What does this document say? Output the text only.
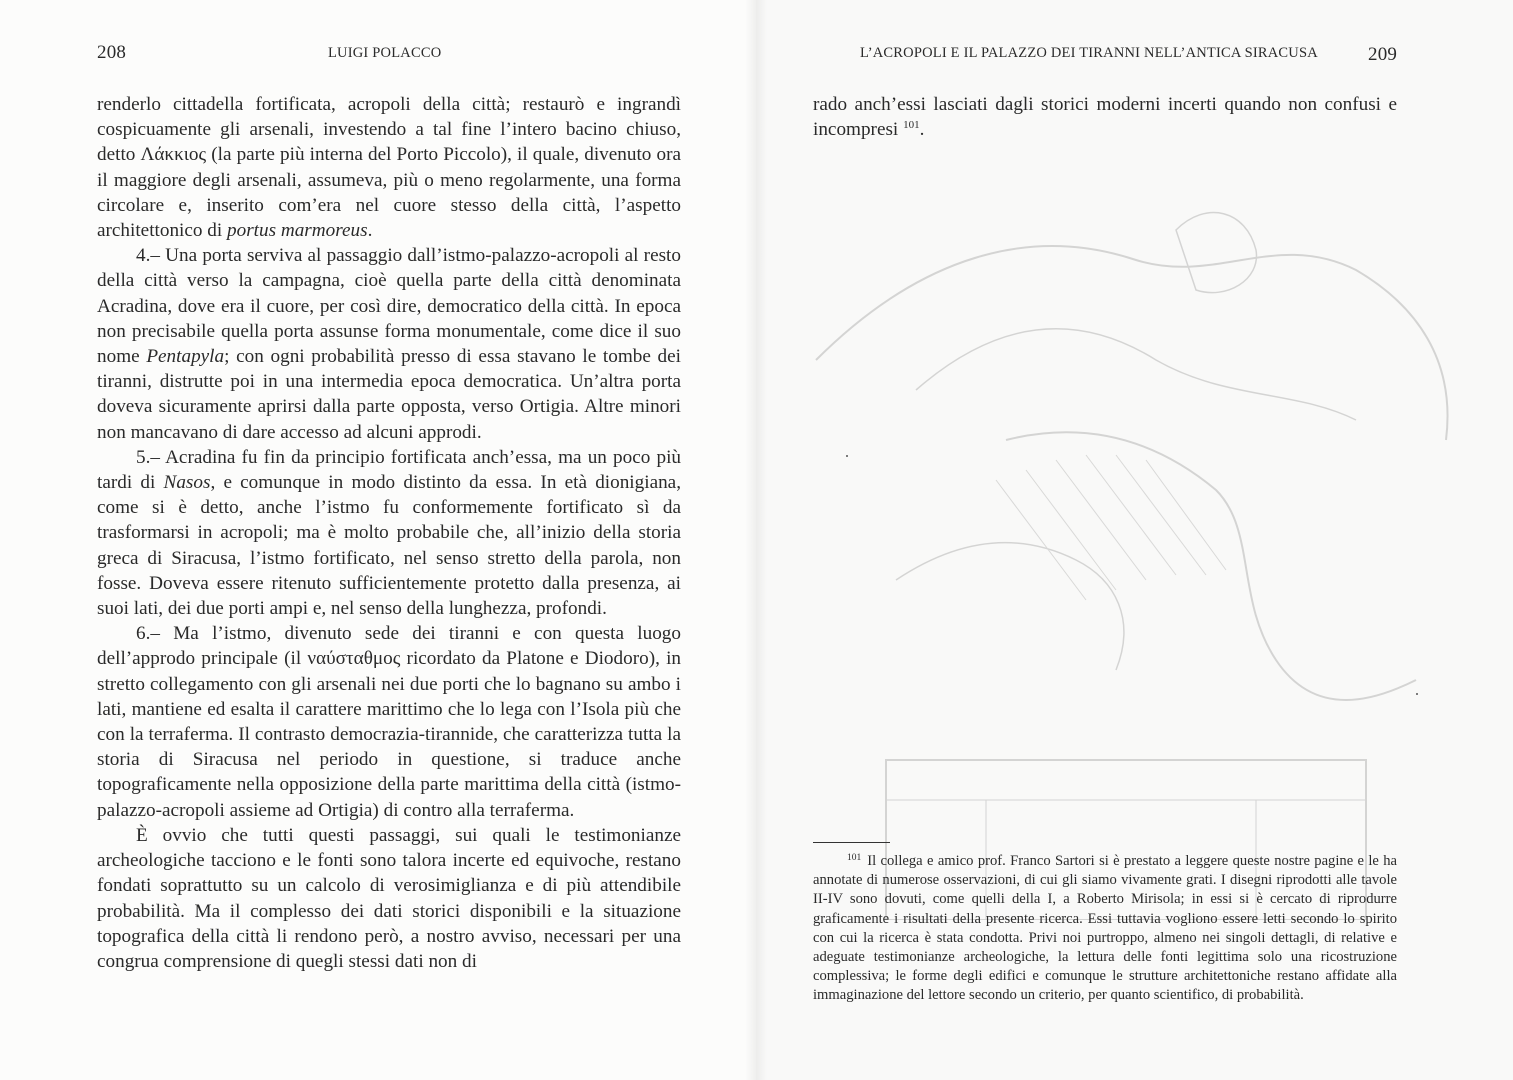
208	LUIGI POLACCO

renderlo cittadella fortificata, acropoli della città; restaurò e ingrandì cospicuamente gli arsenali, investendo a tal fine l’intero bacino chiuso, detto Λάκκιος (la parte più interna del Porto Piccolo), il quale, divenuto ora il maggiore degli arsenali, assumeva, più o meno regolarmente, una forma circolare e, inserito com’era nel cuore stesso della città, l’aspetto architettonico di portus marmoreus.

4.– Una porta serviva al passaggio dall’istmo-palazzo-acropoli al resto della città verso la campagna, cioè quella parte della città denominata Acradina, dove era il cuore, per così dire, democratico della città. In epoca non precisabile quella porta assunse forma monumentale, come dice il suo nome Pentapyla; con ogni probabilità presso di essa stavano le tombe dei tiranni, distrutte poi in una intermedia epoca democratica. Un’altra porta doveva sicuramente aprirsi dalla parte opposta, verso Ortigia. Altre minori non mancavano di dare accesso ad alcuni approdi.

5.– Acradina fu fin da principio fortificata anch’essa, ma un poco più tardi di Nasos, e comunque in modo distinto da essa. In età dionigiana, come si è detto, anche l’istmo fu conformemente fortificato sì da trasformarsi in acropoli; ma è molto probabile che, all’inizio della storia greca di Siracusa, l’istmo fortificato, nel senso stretto della parola, non fosse. Doveva essere ritenuto sufficientemente protetto dalla presenza, ai suoi lati, dei due porti ampi e, nel senso della lunghezza, profondi.

6.– Ma l’istmo, divenuto sede dei tiranni e con questa luogo dell’approdo principale (il ναύσταθμος ricordato da Platone e Diodoro), in stretto collegamento con gli arsenali nei due porti che lo bagnano su ambo i lati, mantiene ed esalta il carattere marittimo che lo lega con l’Isola più che con la terraferma. Il contrasto democrazia-tirannide, che caratterizza tutta la storia di Siracusa nel periodo in questione, si traduce anche topograficamente nella opposizione della parte marittima della città (istmo-palazzo-acropoli assieme ad Ortigia) di contro alla terraferma.

È ovvio che tutti questi passaggi, sui quali le testimonianze archeologiche tacciono e le fonti sono talora incerte ed equivoche, restano fondati soprattutto su un calcolo di verosimiglianza e di più attendibile probabilità. Ma il complesso dei dati storici disponibili e la situazione topografica della città li rendono però, a nostro avviso, necessari per una congrua comprensione di quegli stessi dati non di

L’ACROPOLI E IL PALAZZO DEI TIRANNI NELL’ANTICA SIRACUSA	209

rado anch’essi lasciati dagli storici moderni incerti quando non confusi e incompresi $^{101}$.

$^{101}$ Il collega e amico prof. Franco Sartori si è prestato a leggere queste nostre pagine e le ha annotate di numerose osservazioni, di cui gli siamo vivamente grati. I disegni riprodotti alle tavole II-IV sono dovuti, come quelli della I, a Roberto Mirisola; in essi si è cercato di riprodurre graficamente i risultati della presente ricerca. Essi tuttavia vogliono essere letti secondo lo spirito con cui la ricerca è stata condotta. Privi noi purtroppo, almeno nei singoli dettagli, di relative e adeguate testimonianze archeologiche, la lettura delle fonti legittima solo una ricostruzione complessiva; le forme degli edifici e comunque le strutture architettoniche restano affidate alla immaginazione del lettore secondo un criterio, per quanto scientifico, di probabilità.
